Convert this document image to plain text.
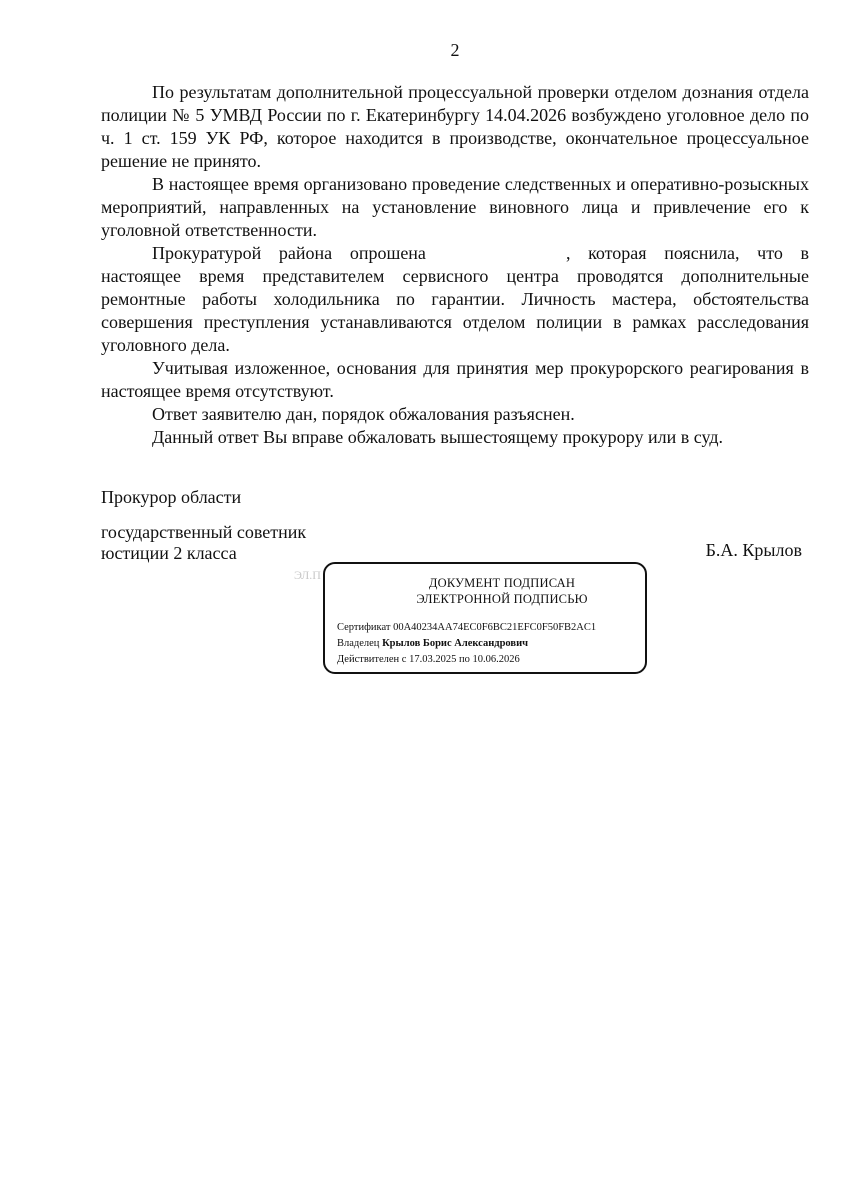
2

По результатам дополнительной процессуальной проверки отделом дознания отдела полиции № 5 УМВД России по г. Екатеринбургу 14.04.2026 возбуждено уголовное дело по ч. 1 ст. 159 УК РФ, которое находится в производстве, окончательное процессуальное решение не принято.

В настоящее время организовано проведение следственных и оперативно-розыскных мероприятий, направленных на установление виновного лица и привлечение его к уголовной ответственности.

Прокуратурой района опрошена	, которая пояснила, что в настоящее время представителем сервисного центра проводятся дополнительные ремонтные работы холодильника по гарантии. Личность мастера, обстоятельства совершения преступления устанавливаются отделом полиции в рамках расследования уголовного дела.

Учитывая изложенное, основания для принятия мер прокурорского реагирования в настоящее время отсутствуют.

Ответ заявителю дан, порядок обжалования разъяснен.

Данный ответ Вы вправе обжаловать вышестоящему прокурору или в суд.

Прокурор области
государственный советник
юстиции 2 класса	Б.А. Крылов
ЭЛ.П
ДОКУМЕНТ ПОДПИСАН
ЭЛЕКТРОННОЙ ПОДПИСЬЮ
Сертификат 00A40234AA74EC0F6BC21EFC0F50FB2AC1
Владелец Крылов Борис Александрович
Действителен с 17.03.2025 по 10.06.2026
